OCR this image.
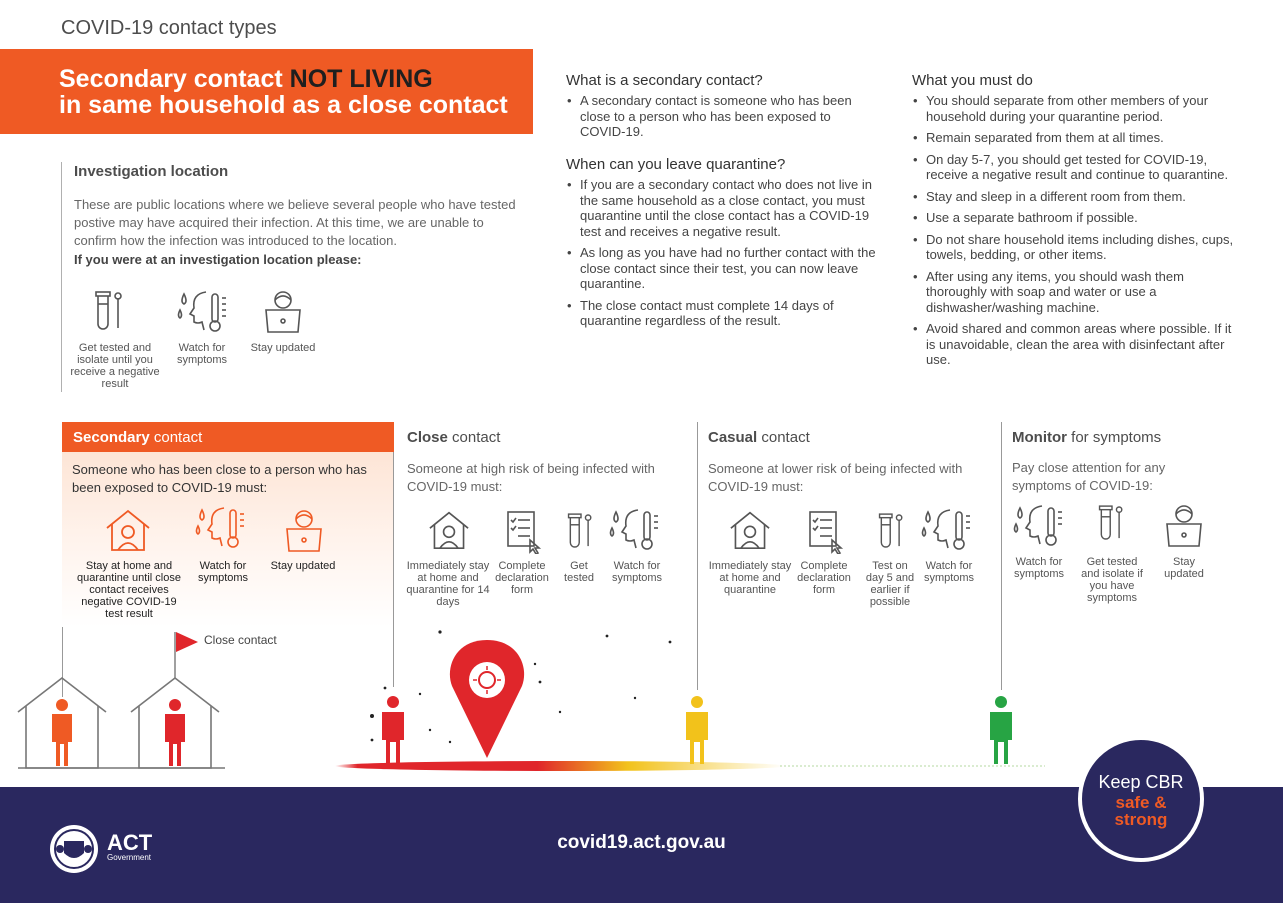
COVID-19 contact types
Secondary contact NOT LIVING
in same household as a close contact
Investigation location
These are public locations where we believe several people who have tested postive may have acquired their infection. At this time, we are unable to confirm how the infection was introduced to the location.
If you were at an investigation location please:
Get tested and isolate until you receive a negative result
Watch for symptoms
Stay updated
What is a secondary contact?
• A secondary contact is someone who has been close to a person who has been exposed to COVID-19.
When can you leave quarantine?
• If you are a secondary contact who does not live in the same household as a close contact, you must quarantine until the close contact has a COVID-19 test and receives a negative result.
• As long as you have had no further contact with the close contact since their test, you can now leave quarantine.
• The close contact must complete 14 days of quarantine regardless of the result.
What you must do
• You should separate from other members of your household during your quarantine period.
• Remain separated from them at all times.
• On day 5-7, you should get tested for COVID-19, receive a negative result and continue to quarantine.
• Stay and sleep in a different room from them.
• Use a separate bathroom if possible.
• Do not share household items including dishes, cups, towels, bedding, or other items.
• After using any items, you should wash them thoroughly with soap and water or use a dishwasher/washing machine.
• Avoid shared and common areas where possible. If it is unavoidable, clean the area with disinfectant after use.
Secondary contact
Someone who has been close to a person who has been exposed to COVID-19 must:
Stay at home and quarantine until close contact receives negative COVID-19 test result
Watch for symptoms
Stay updated
Close contact
Someone at high risk of being infected with COVID-19 must:
Immediately stay at home and quarantine for 14 days
Complete declaration form
Get tested
Watch for symptoms
Casual contact
Someone at lower risk of being infected with COVID-19 must:
Immediately stay at home and quarantine
Complete declaration form
Test on day 5 and earlier if possible
Watch for symptoms
Monitor for symptoms
Pay close attention for any symptoms of COVID-19:
Watch for symptoms
Get tested and isolate if you have symptoms
Stay updated
Close contact
covid19.act.gov.au
ACT
Government
Keep CBR
safe &
strong
